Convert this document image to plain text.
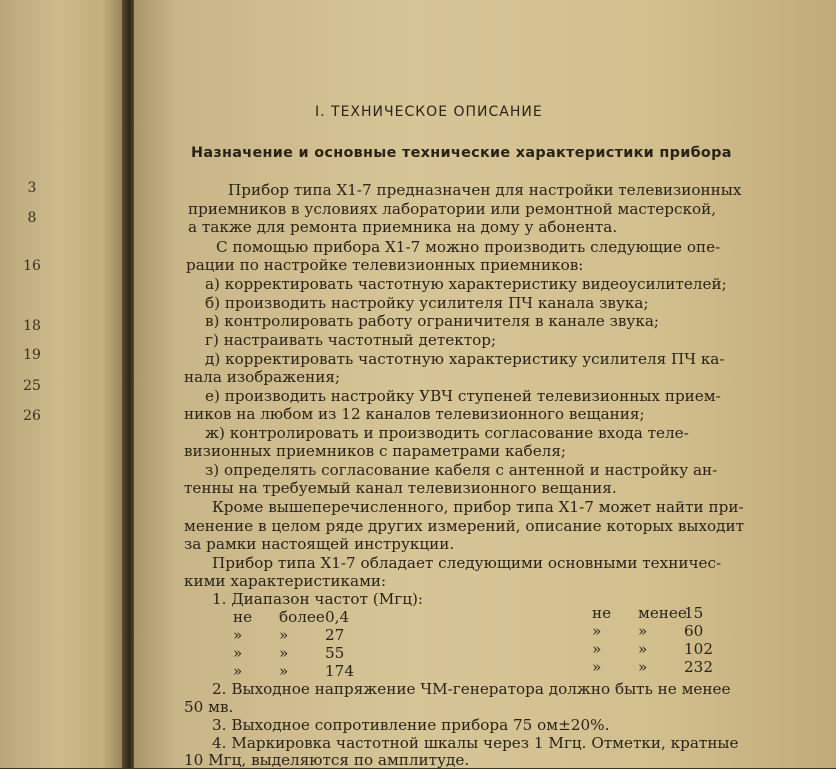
3
8
16
18
19
25
26
I. ТЕХНИЧЕСКОЕ ОПИСАНИЕ
Назначение и основные технические характеристики прибора
Прибор типа Х1-7 предназначен для настройки телевизионных
приемников в условиях лаборатории или ремонтной мастерской,
а также для ремонта приемника на дому у абонента.
С помощью прибора Х1-7 можно производить следующие опе-
рации по настройке телевизионных приемников:
а) корректировать частотную характеристику видеоусилителей;
б) производить настройку усилителя ПЧ канала звука;
в) контролировать работу ограничителя в канале звука;
г) настраивать частотный детектор;
д) корректировать частотную характеристику усилителя ПЧ ка-
нала изображения;
е) производить настройку УВЧ ступеней телевизионных прием-
ников на любом из 12 каналов телевизионного вещания;
ж) контролировать и производить согласование входа теле-
визионных приемников с параметрами кабеля;
з) определять согласование кабеля с антенной и настройку ан-
тенны на требуемый канал телевизионного вещания.
Кроме вышеперечисленного, прибор типа Х1-7 может найти при-
менение в целом ряде других измерений, описание которых выходит
за рамки настоящей инструкции.
Прибор типа Х1-7 обладает следующими основными техничес-
кими характеристиками:
1. Диапазон частот (Мгц):
не более0,4
» » 27
» » 55
» » 174
не менее15
» » 60
» » 102
» » 232
2. Выходное напряжение ЧМ-генератора должно быть не менее
50 мв.
3. Выходное сопротивление прибора 75 ом±20%.
4. Маркировка частотной шкалы через 1 Мгц. Отметки, кратные
10 Мгц, выделяются по амплитуде.
